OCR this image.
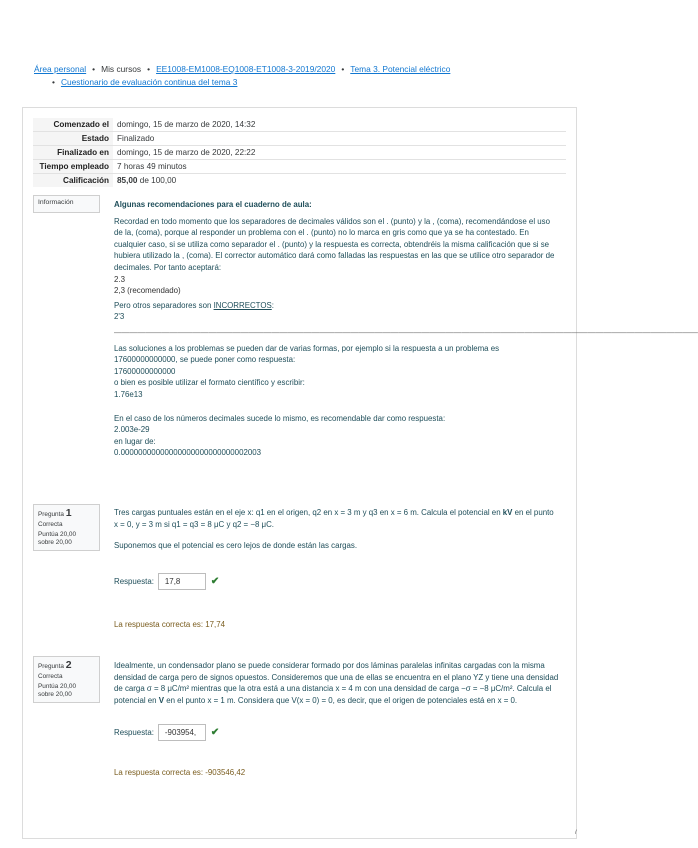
Área personal • Mis cursos • EE1008-EM1008-EQ1008-ET1008-3-2019/2020 • Tema 3. Potencial eléctrico
• Cuestionario de evaluación continua del tema 3
Comenzado el	domingo, 15 de marzo de 2020, 14:32
Estado	Finalizado
Finalizado en	domingo, 15 de marzo de 2020, 22:22
Tiempo empleado	7 horas 49 minutos
Calificación	85,00 de 100,00
Información	Algunas recomendaciones para el cuaderno de aula:

Recordad en todo momento que los separadores de decimales válidos son el . (punto) y la , (coma), recomendándose el uso de la, (coma), porque al responder un problema con el . (punto) no lo marca en gris como que ya se ha contestado. En cualquier caso, si se utiliza como separador el . (punto) y la respuesta es correcta, obtendréis la misma calificación que si se hubiera utilizado la , (coma). El corrector automático dará como falladas las respuestas en las que se utilice otro separador de decimales. Por tanto aceptará:

2.3

2,3 (recomendado)

Pero otros separadores son INCORRECTOS:

2'3

——————————————————————————————————————————————————————————————————————————

Las soluciones a los problemas se pueden dar de varias formas, por ejemplo si la respuesta a un problema es 17600000000000, se puede poner como respuesta:

17600000000000

o bien es posible utilizar el formato científico y escribir:

1.76e13

En el caso de los números decimales sucede lo mismo, es recomendable dar como respuesta:

2.003e-29

en lugar de:

0.00000000000000000000000000002003

Pregunta 1
Correcta
Puntúa 20,00
sobre 20,00

Tres cargas puntuales están en el eje x: q1 en el origen, q2 en x = 3 m y q3 en x = 6 m. Calcula el potencial en kV en el punto x = 0, y = 3 m si q1 = q3 = 8 μC y q2 = −8 μC.

Suponemos que el potencial es cero lejos de donde están las cargas.

Respuesta:
17,8	✔
La respuesta correcta es: 17,74
Pregunta 2
Correcta
Puntúa 20,00
sobre 20,00

Idealmente, un condensador plano se puede considerar formado por dos láminas paralelas infinitas cargadas con la misma densidad de carga pero de signos opuestos. Consideremos que una de ellas se encuentra en el plano YZ y tiene una densidad de carga σ = 8 μC/m² mientras que la otra está a una distancia x = 4 m con una densidad de carga −σ = −8 μC/m². Calcula el potencial en V en el punto x = 1 m. Considera que V(x = 0) = 0, es decir, que el origen de potenciales está en x = 0.

Respuesta:
-903954,	✔
La respuesta correcta es: -903546,42
/
